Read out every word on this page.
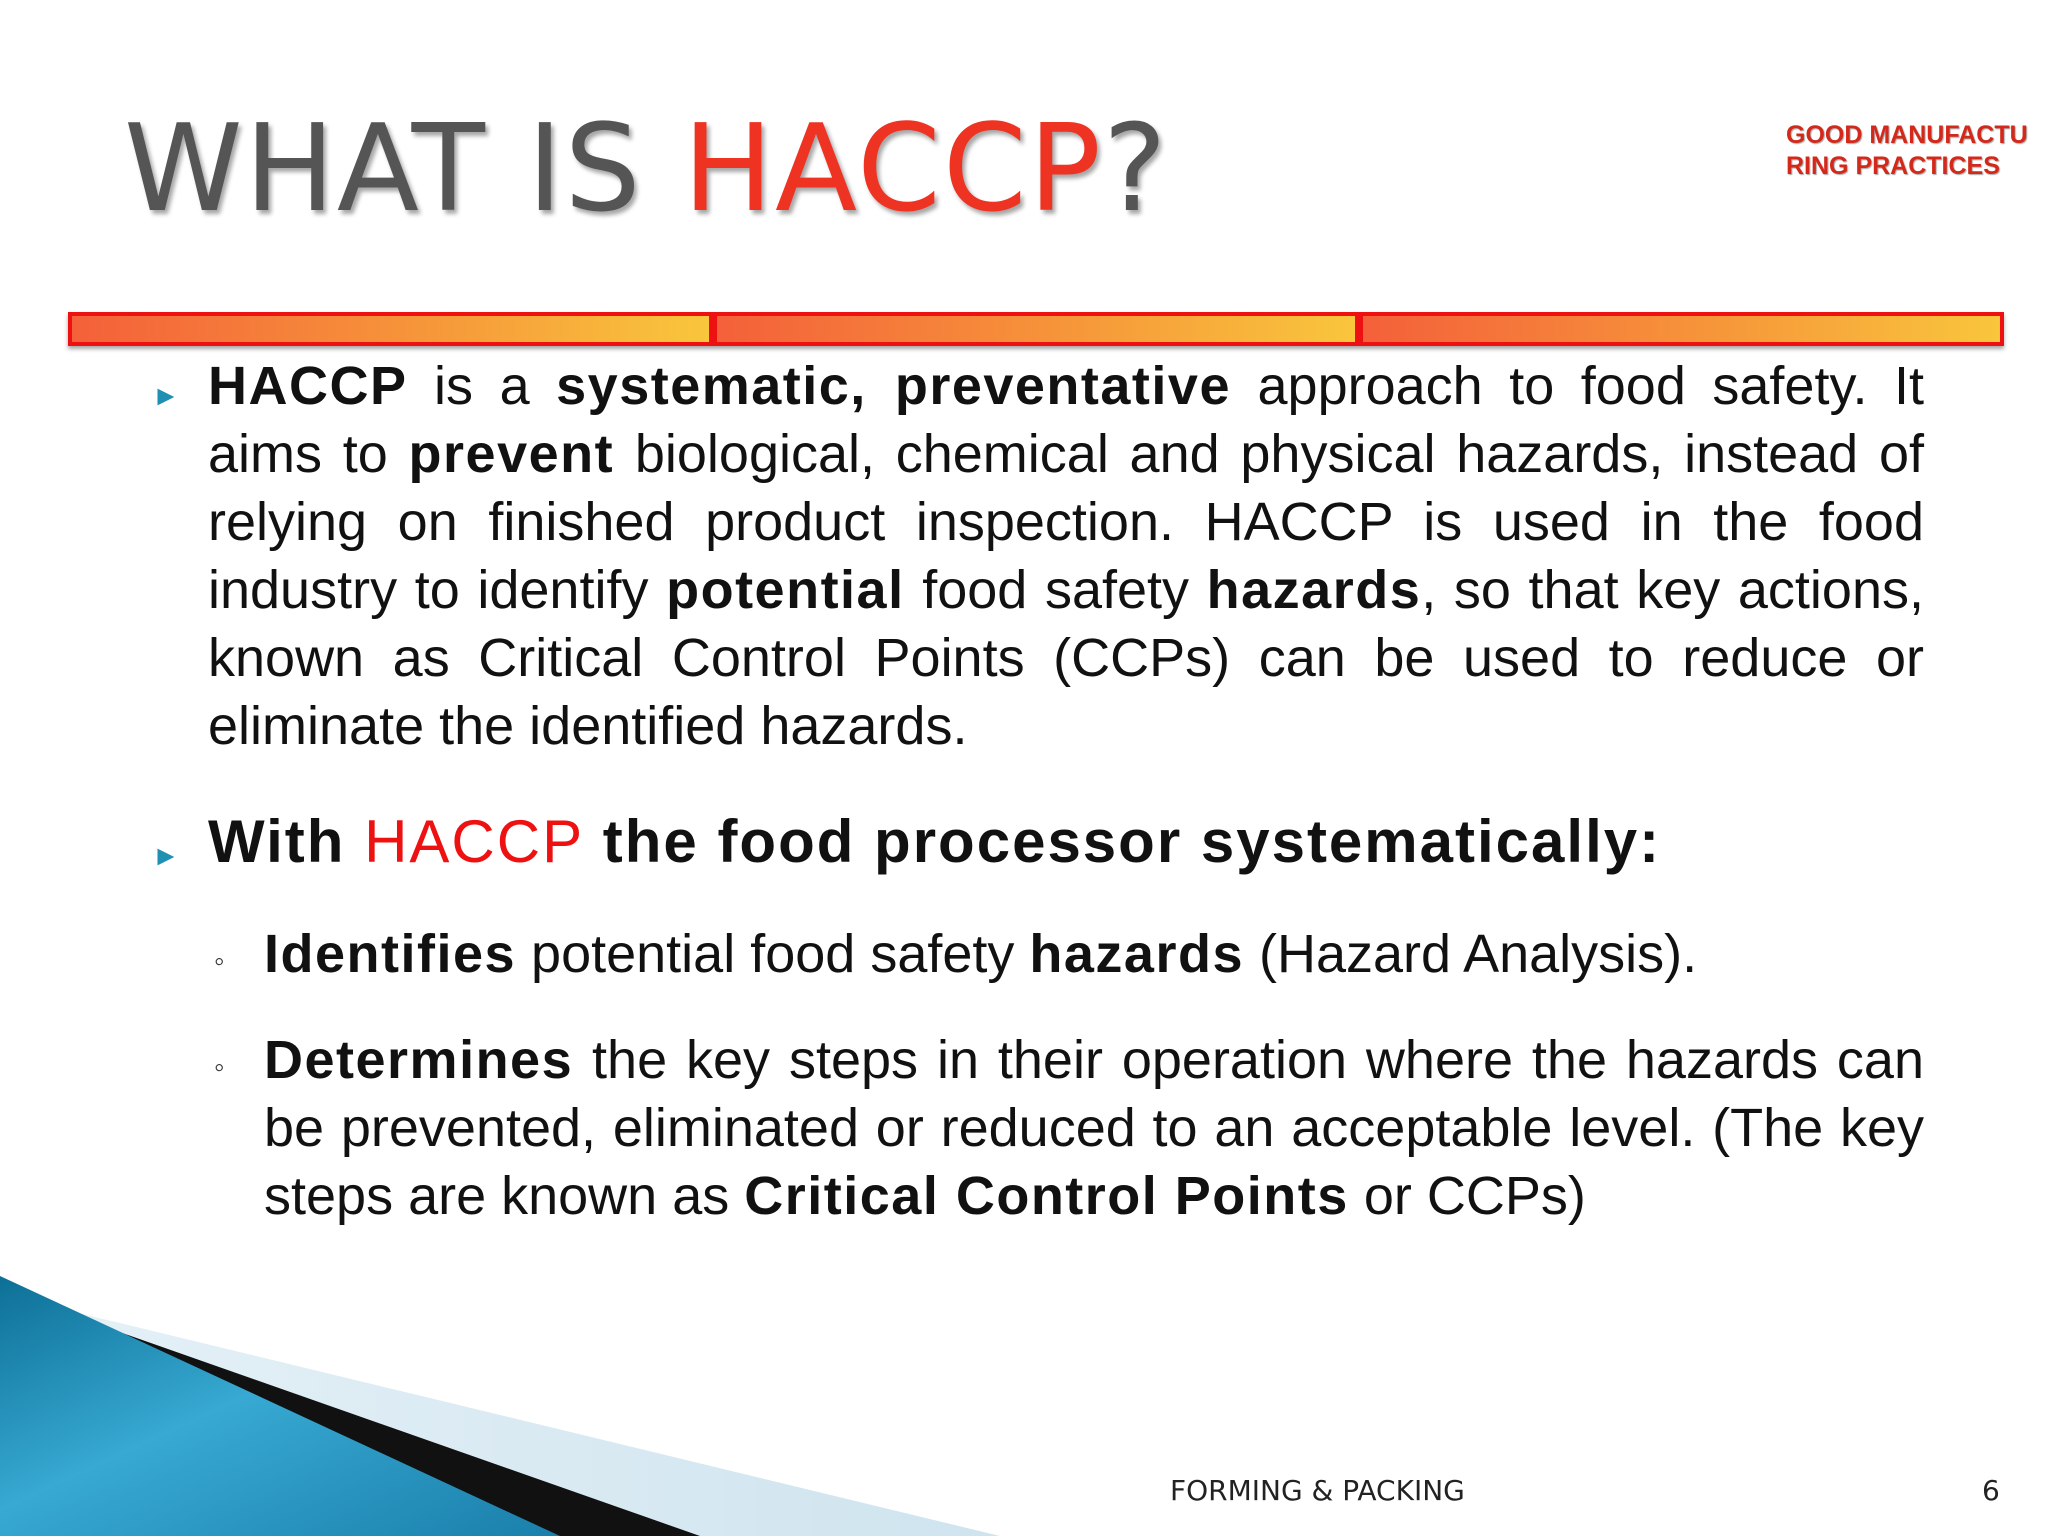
WHAT IS HACCP?	GOOD MANUFACTURING PRACTICES
► HACCP is a systematic, preventative approach to food safety. It aims to prevent biological, chemical and physical hazards, instead of relying on finished product inspection. HACCP is used in the food industry to identify potential food safety hazards, so that key actions, known as Critical Control Points (CCPs) can be used to reduce or eliminate the identified hazards.
► With HACCP the food processor systematically:
◦ Identifies potential food safety hazards (Hazard Analysis).
◦ Determines the key steps in their operation where the hazards can be prevented, eliminated or reduced to an acceptable level. (The key steps are known as Critical Control Points or CCPs)
FORMING & PACKING	6
